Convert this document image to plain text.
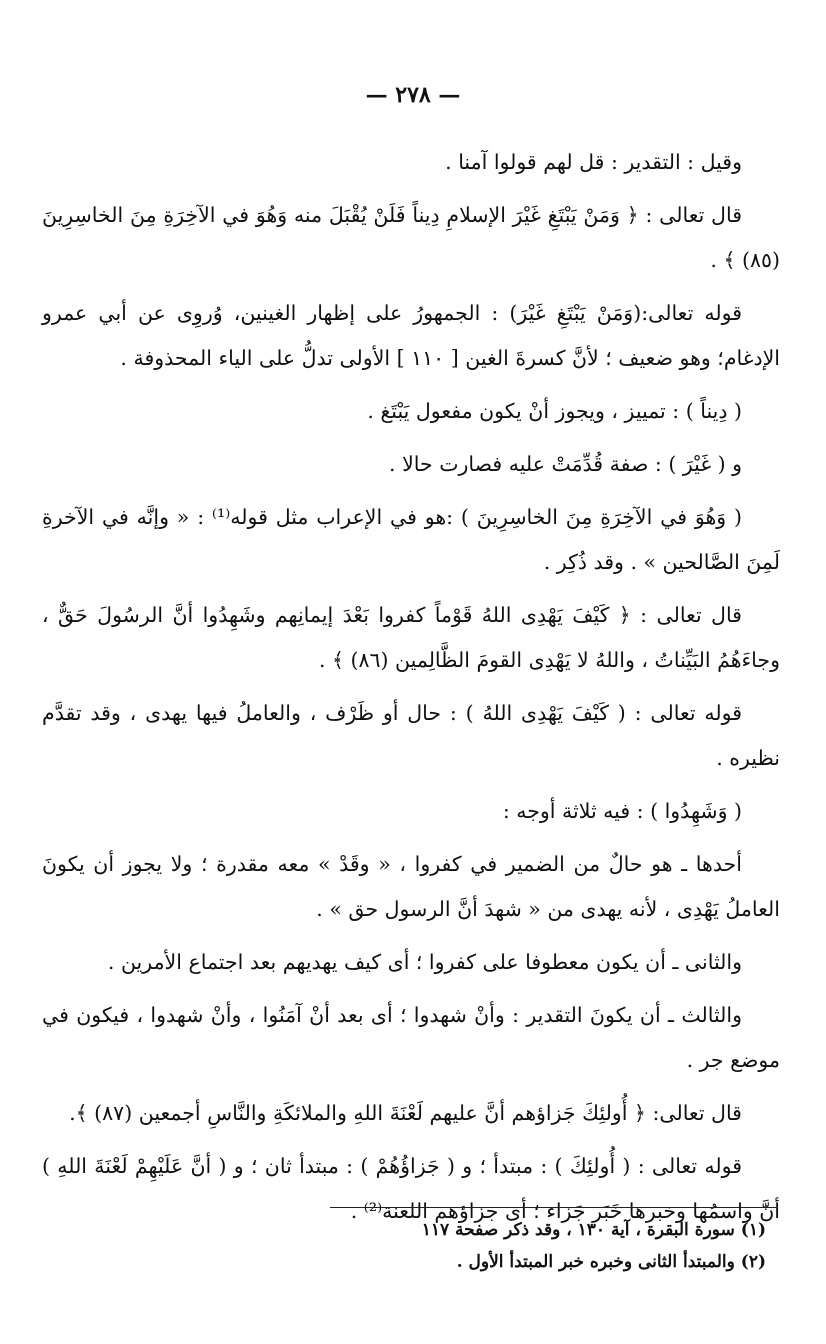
— ٢٧٨ —

وقيل : التقدير : قل لهم قولوا آمنا .

قال تعالى : ﴿ وَمَنْ يَبْتَغِ غَيْرَ الإسلامِ دِيناً فَلَنْ يُقْبَلَ منه وَهُوَ في الآخِرَةِ مِنَ الخاسِرِينَ (٨٥) ﴾ .

قوله تعالى:(وَمَنْ يَبْتَغِ غَيْرَ) : الجمهورُ على إظهار الغينين، وُروِى عن أبي عمرو الإدغام؛ وهو ضعيف ؛ لأنَّ كسرةَ الغين [ ١١٠ ] الأولى تدلُّ على الياء المحذوفة .

( دِيناً ) : تمييز ، ويجوز أنْ يكون مفعول يَبْتَغ .

و ( غَيْرَ ) : صفة قُدِّمَتْ عليه فصارت حالا .

( وَهُوَ في الآخِرَةِ مِنَ الخاسِرِينَ ) :هو في الإعراب مثل قوله⁽¹⁾ : « وإنَّه في الآخرةِ لَمِنَ الصَّالحين » . وقد ذُكِر .

قال تعالى : ﴿ كَيْفَ يَهْدِى اللهُ قَوْماً كفروا بَعْدَ إيمانِهم وشَهِدُوا أنَّ الرسُولَ حَقٌّ ، وجاءَهُمُ البَيِّناتُ ، واللهُ لا يَهْدِى القومَ الظَّالِمين (٨٦) ﴾ .

قوله تعالى : ( كَيْفَ يَهْدِى اللهُ ) : حال أو ظَرْف ، والعاملُ فيها يهدى ، وقد تقدَّم نظيره .

( وَشَهِدُوا ) : فيه ثلاثة أوجه :

أحدها ـ هو حالٌ من الضمير في كفروا ، « وقَدْ » معه مقدرة ؛ ولا يجوز أن يكونَ العاملُ يَهْدِى ، لأنه يهدى من « شهدَ أنَّ الرسول حق » .

والثانى ـ أن يكون معطوفا على كفروا ؛ أى كيف يهديهم بعد اجتماع الأمرين .

والثالث ـ أن يكونَ التقدير : وأنْ شهدوا ؛ أى بعد أنْ آمَنُوا ، وأنْ شهدوا ، فيكون في موضع جر .

قال تعالى: ﴿ أُولئِكَ جَزاؤهم أنَّ عليهم لَعْنَةَ اللهِ والملائكَةِ والنَّاسِ أجمعين (٨٧) ﴾.

قوله تعالى : ( أُولئِكَ ) : مبتدأ ؛ و ( جَزاؤُهُمْ ) : مبتدأ ثان ؛ و ( أنَّ عَلَيْهِمْ لَعْنَةَ اللهِ ) أنَّ واسمُها وخبرها خَبَر جَزاء ؛ أى جزاؤهم اللعنة⁽²⁾ .

(١) سورة البقرة ، آية ١٣٠ ، وقد ذكر صفحة ١١٧
(٢) والمبتدأ الثانى وخبره خبر المبتدأ الأول .
